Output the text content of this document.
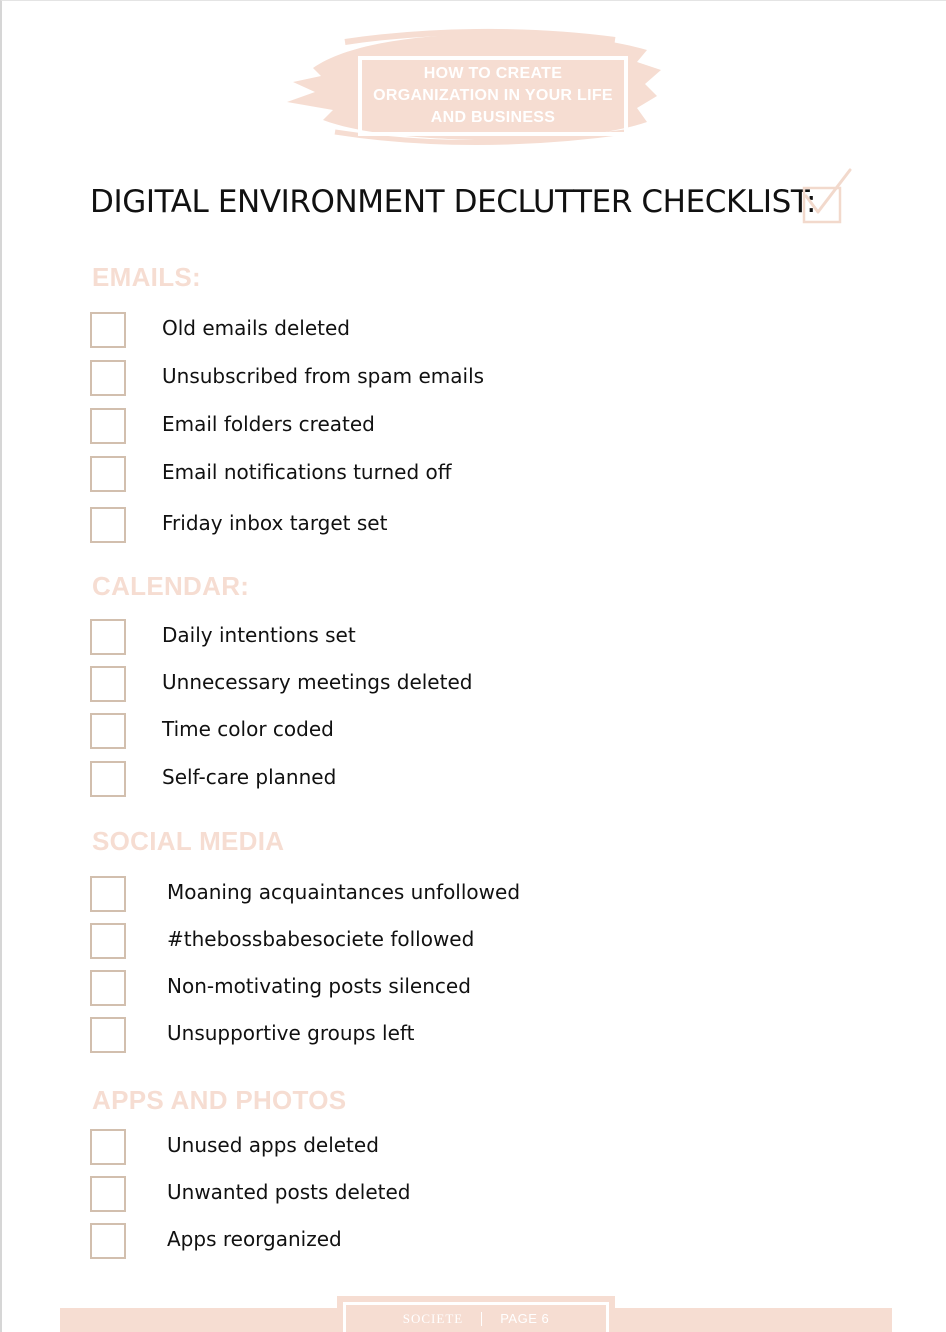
HOW TO CREATE ORGANIZATION IN YOUR LIFE AND BUSINESS
DIGITAL ENVIRONMENT DECLUTTER CHECKLIST:
EMAILS:
Old emails deleted
Unsubscribed from spam emails
Email folders created
Email notifications turned off
Friday inbox target set
CALENDAR:
Daily intentions set
Unnecessary meetings deleted
Time color coded
Self-care planned
SOCIAL MEDIA
Moaning acquaintances unfollowed
#thebossbabesociete followed
Non-motivating posts silenced
Unsupportive groups left
APPS AND PHOTOS
Unused apps deleted
Unwanted posts deleted
Apps reorganized
SOCIETE	PAGE 6
